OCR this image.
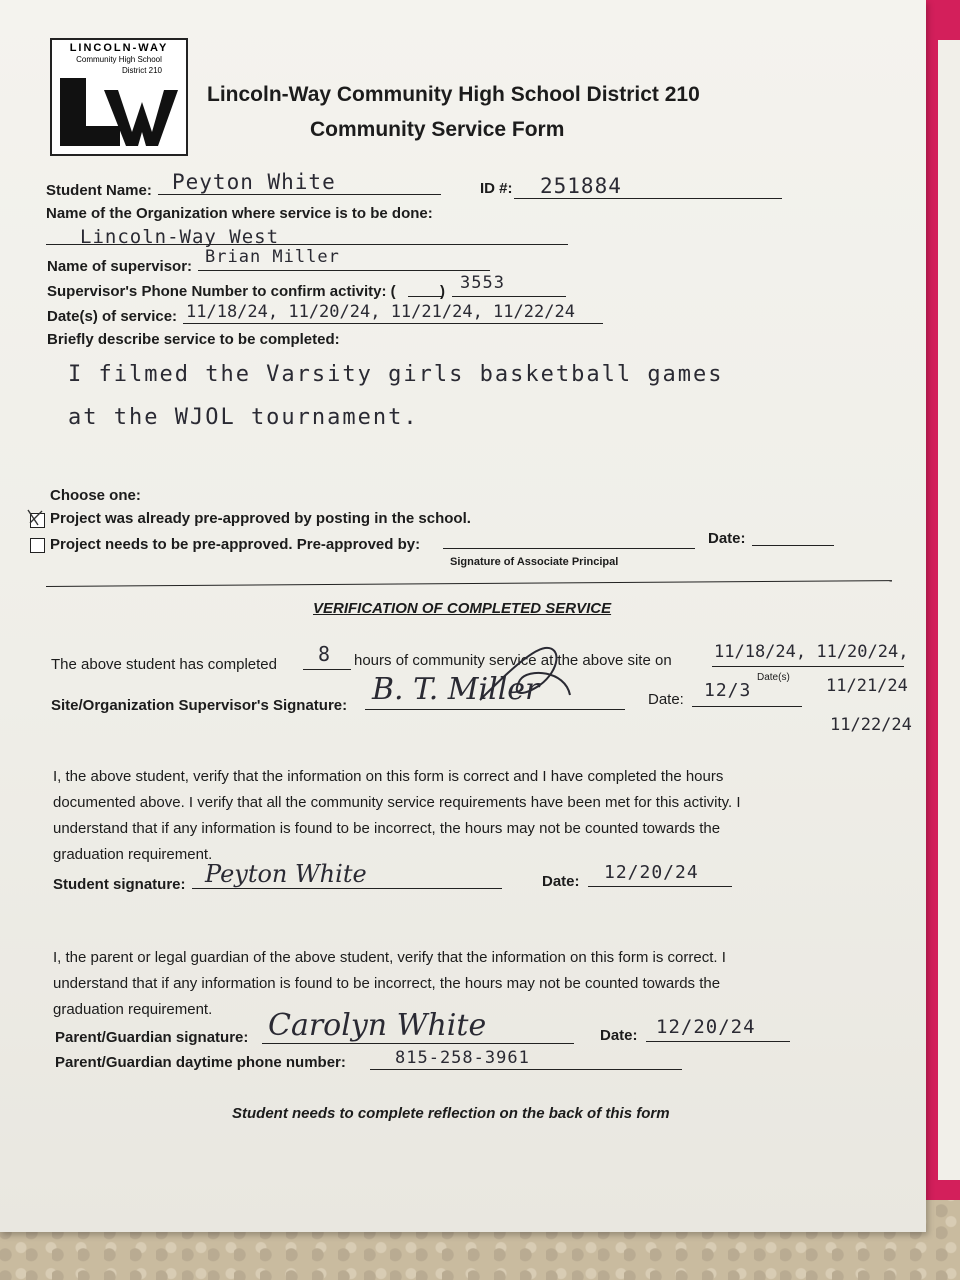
LINCOLN-WAY
Community High School
District 210
Lincoln-Way Community High School District 210
Community Service Form
Student Name: Peyton White	ID #: 251884
Name of the Organization where service is to be done:
Lincoln-Way West
Name of supervisor: Brian Miller
Supervisor's Phone Number to confirm activity: (	) 3553
Date(s) of service: 11/18/24, 11/20/24, 11/21/24, 11/22/24
Briefly describe service to be completed:
I filmed the Varsity girls basketball games
at the WJOL tournament.
Choose one:
Project was already pre-approved by posting in the school.
Project needs to be pre-approved. Pre-approved by:	Date:
Signature of Associate Principal
VERIFICATION OF COMPLETED SERVICE
The above student has completed 8 hours of community service at the above site on 11/18/24, 11/20/24,
Date(s) 11/21/24
11/22/24
Site/Organization Supervisor's Signature: B. T. Miller	Date: 12/3
I, the above student, verify that the information on this form is correct and I have completed the hours
documented above. I verify that all the community service requirements have been met for this activity. I
understand that if any information is found to be incorrect, the hours may not be counted towards the
graduation requirement.
Student signature: Peyton White	Date: 12/20/24
I, the parent or legal guardian of the above student, verify that the information on this form is correct. I
understand that if any information is found to be incorrect, the hours may not be counted towards the
graduation requirement.
Parent/Guardian signature: Carolyn White	Date: 12/20/24
Parent/Guardian daytime phone number:	815-258-3961
Student needs to complete reflection on the back of this form
